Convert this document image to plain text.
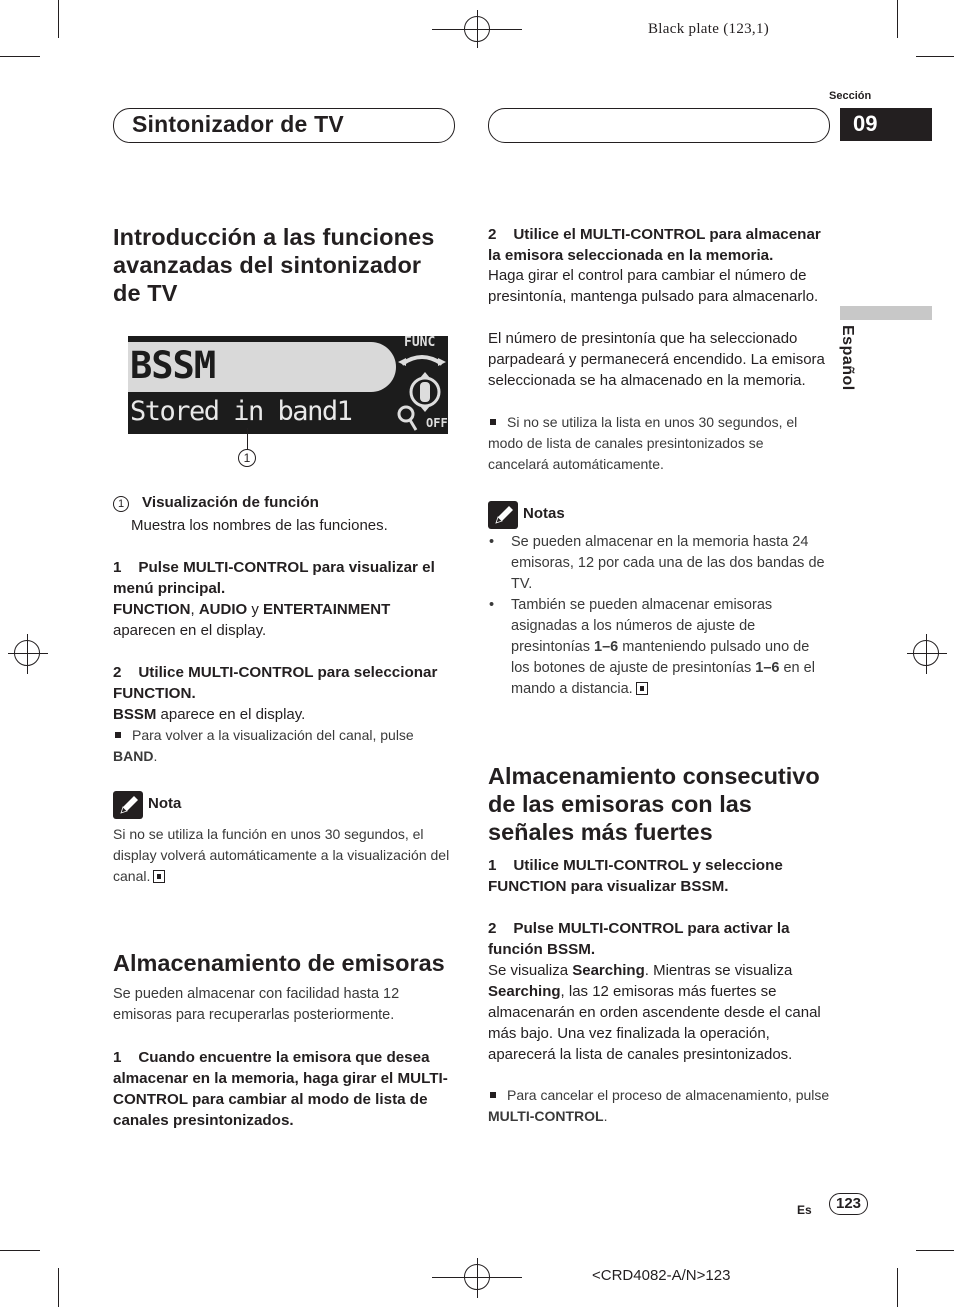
Black plate (123,1)
Sintonizador de TV
Sección
09
Español
Introducción a las funciones avanzadas del sintonizador de TV
BSSM
Stored in band1
FUNC
OFF
1
1	Visualización de función
Muestra los nombres de las funciones.
1    Pulse MULTI-CONTROL para visualizar el menú principal.
FUNCTION, AUDIO y ENTERTAINMENT aparecen en el display.
2    Utilice MULTI-CONTROL para seleccionar FUNCTION.
BSSM aparece en el display.
Para volver a la visualización del canal, pulse BAND.
Nota
Si no se utiliza la función en unos 30 segundos, el display volverá automáticamente a la visualización del canal.
Almacenamiento de emisoras
Se pueden almacenar con facilidad hasta 12 emisoras para recuperarlas posteriormente.
1    Cuando encuentre la emisora que desea almacenar en la memoria, haga girar el MULTI-CONTROL para cambiar al modo de lista de canales presintonizados.
2    Utilice el MULTI-CONTROL para almacenar la emisora seleccionada en la memoria.
Haga girar el control para cambiar el número de presintonía, mantenga pulsado para almacenarlo.
El número de presintonía que ha seleccionado parpadeará y permanecerá encendido. La emisora seleccionada se ha almacenado en la memoria.
Si no se utiliza la lista en unos 30 segundos, el modo de lista de canales presintonizados se cancelará automáticamente.
Notas
• Se pueden almacenar en la memoria hasta 24 emisoras, 12 por cada una de las dos bandas de TV.
• También se pueden almacenar emisoras asignadas a los números de ajuste de presintonías 1–6 manteniendo pulsado uno de los botones de ajuste de presintonías 1–6 en el mando a distancia.
Almacenamiento consecutivo de las emisoras con las señales más fuertes
1    Utilice MULTI-CONTROL y seleccione FUNCTION para visualizar BSSM.
2    Pulse MULTI-CONTROL para activar la función BSSM.
Se visualiza Searching. Mientras se visualiza Searching, las 12 emisoras más fuertes se almacenarán en orden ascendente desde el canal más bajo. Una vez finalizada la operación, aparecerá la lista de canales presintonizados.
Para cancelar el proceso de almacenamiento, pulse MULTI-CONTROL.
Es	123
<CRD4082-A/N>123
